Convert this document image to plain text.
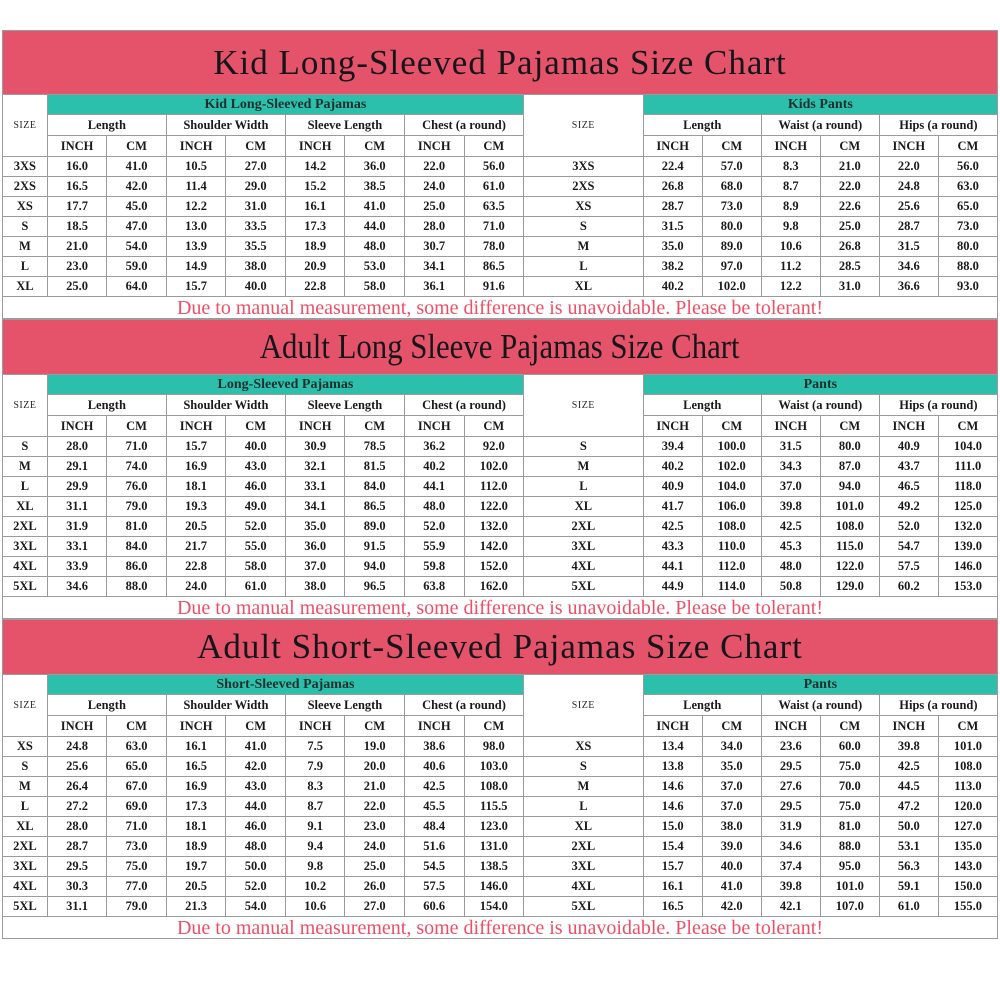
Kid Long-Sleeved Pajamas Size Chart
SIZE	Kid Long-Sleeved Pajamas								SIZE	Kids Pants					
	Length		Shoulder Width		Sleeve Length		Chest (a round)			Length		Waist (a round)		Hips (a round)	
	INCH	CM	INCH	CM	INCH	CM	INCH	CM		INCH	CM	INCH	CM	INCH	CM
3XS	16.0	41.0	10.5	27.0	14.2	36.0	22.0	56.0	3XS	22.4	57.0	8.3	21.0	22.0	56.0
2XS	16.5	42.0	11.4	29.0	15.2	38.5	24.0	61.0	2XS	26.8	68.0	8.7	22.0	24.8	63.0
XS	17.7	45.0	12.2	31.0	16.1	41.0	25.0	63.5	XS	28.7	73.0	8.9	22.6	25.6	65.0
S	18.5	47.0	13.0	33.5	17.3	44.0	28.0	71.0	S	31.5	80.0	9.8	25.0	28.7	73.0
M	21.0	54.0	13.9	35.5	18.9	48.0	30.7	78.0	M	35.0	89.0	10.6	26.8	31.5	80.0
L	23.0	59.0	14.9	38.0	20.9	53.0	34.1	86.5	L	38.2	97.0	11.2	28.5	34.6	88.0
XL	25.0	64.0	15.7	40.0	22.8	58.0	36.1	91.6	XL	40.2	102.0	12.2	31.0	36.6	93.0
Due to manual measurement, some difference is unavoidable. Please be tolerant!
Adult Long Sleeve Pajamas Size Chart
SIZE	Long-Sleeved Pajamas								SIZE	Pants					
	Length		Shoulder Width		Sleeve Length		Chest (a round)			Length		Waist (a round)		Hips (a round)	
	INCH	CM	INCH	CM	INCH	CM	INCH	CM		INCH	CM	INCH	CM	INCH	CM
S	28.0	71.0	15.7	40.0	30.9	78.5	36.2	92.0	S	39.4	100.0	31.5	80.0	40.9	104.0
M	29.1	74.0	16.9	43.0	32.1	81.5	40.2	102.0	M	40.2	102.0	34.3	87.0	43.7	111.0
L	29.9	76.0	18.1	46.0	33.1	84.0	44.1	112.0	L	40.9	104.0	37.0	94.0	46.5	118.0
XL	31.1	79.0	19.3	49.0	34.1	86.5	48.0	122.0	XL	41.7	106.0	39.8	101.0	49.2	125.0
2XL	31.9	81.0	20.5	52.0	35.0	89.0	52.0	132.0	2XL	42.5	108.0	42.5	108.0	52.0	132.0
3XL	33.1	84.0	21.7	55.0	36.0	91.5	55.9	142.0	3XL	43.3	110.0	45.3	115.0	54.7	139.0
4XL	33.9	86.0	22.8	58.0	37.0	94.0	59.8	152.0	4XL	44.1	112.0	48.0	122.0	57.5	146.0
5XL	34.6	88.0	24.0	61.0	38.0	96.5	63.8	162.0	5XL	44.9	114.0	50.8	129.0	60.2	153.0
Due to manual measurement, some difference is unavoidable. Please be tolerant!
Adult Short-Sleeved Pajamas Size Chart
SIZE	Short-Sleeved Pajamas								SIZE	Pants					
	Length		Shoulder Width		Sleeve Length		Chest (a round)			Length		Waist (a round)		Hips (a round)	
	INCH	CM	INCH	CM	INCH	CM	INCH	CM		INCH	CM	INCH	CM	INCH	CM
XS	24.8	63.0	16.1	41.0	7.5	19.0	38.6	98.0	XS	13.4	34.0	23.6	60.0	39.8	101.0
S	25.6	65.0	16.5	42.0	7.9	20.0	40.6	103.0	S	13.8	35.0	29.5	75.0	42.5	108.0
M	26.4	67.0	16.9	43.0	8.3	21.0	42.5	108.0	M	14.6	37.0	27.6	70.0	44.5	113.0
L	27.2	69.0	17.3	44.0	8.7	22.0	45.5	115.5	L	14.6	37.0	29.5	75.0	47.2	120.0
XL	28.0	71.0	18.1	46.0	9.1	23.0	48.4	123.0	XL	15.0	38.0	31.9	81.0	50.0	127.0
2XL	28.7	73.0	18.9	48.0	9.4	24.0	51.6	131.0	2XL	15.4	39.0	34.6	88.0	53.1	135.0
3XL	29.5	75.0	19.7	50.0	9.8	25.0	54.5	138.5	3XL	15.7	40.0	37.4	95.0	56.3	143.0
4XL	30.3	77.0	20.5	52.0	10.2	26.0	57.5	146.0	4XL	16.1	41.0	39.8	101.0	59.1	150.0
5XL	31.1	79.0	21.3	54.0	10.6	27.0	60.6	154.0	5XL	16.5	42.0	42.1	107.0	61.0	155.0
Due to manual measurement, some difference is unavoidable. Please be tolerant!
